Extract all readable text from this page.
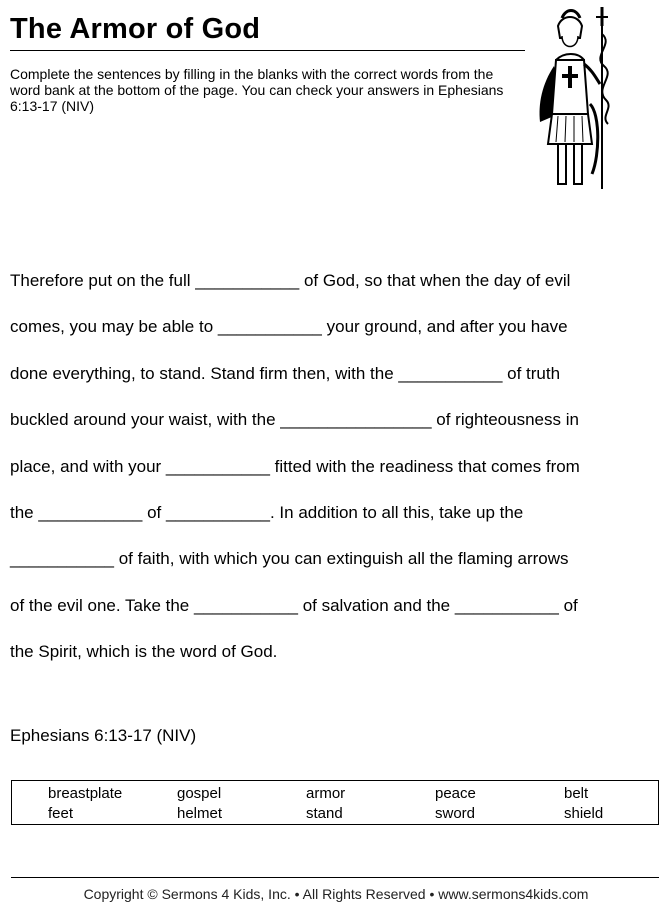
The Armor of God
Complete the sentences by filling in the blanks with the correct words from the word bank at the bottom of the page. You can check your answers in Ephesians 6:13-17 (NIV)
Therefore put on the full ___________ of God, so that when the day of evil
comes, you may be able to ___________ your ground, and after you have
done everything, to stand. Stand firm then, with the ___________ of truth
buckled around your waist, with the ________________ of righteousness in
place, and with your ___________ fitted with the readiness that comes from
the ___________ of ___________. In addition to all this, take up the
___________ of faith, with which you can extinguish all the flaming arrows
of the evil one. Take the ___________ of salvation and the ___________ of
the Spirit, which is the word of God.
Ephesians 6:13-17 (NIV)
breastplate	gospel	armor	peace	belt
feet	helmet	stand	sword	shield
Copyright © Sermons 4 Kids, Inc. • All Rights Reserved • www.sermons4kids.com
